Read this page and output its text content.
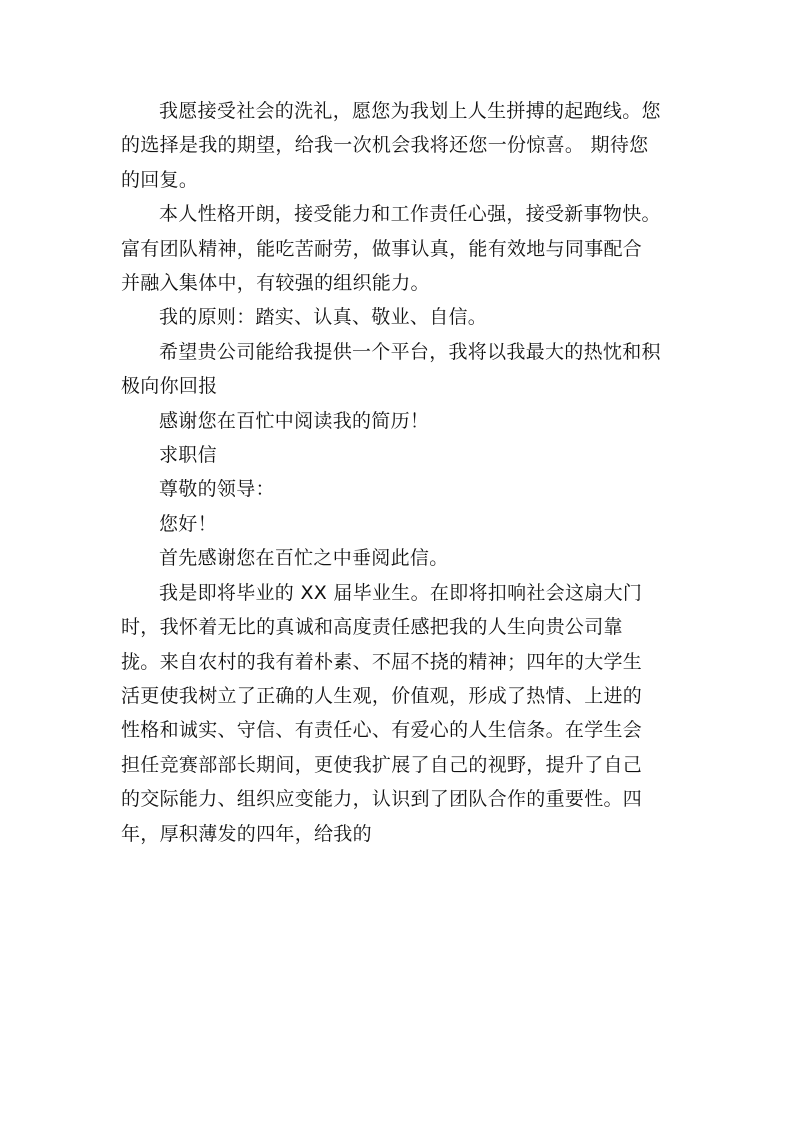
我愿接受社会的洗礼，愿您为我划上人生拼搏的起跑线。您的选择是我的期望，给我一次机会我将还您一份惊喜。 期待您的回复。

本人性格开朗，接受能力和工作责任心强，接受新事物快。富有团队精神，能吃苦耐劳，做事认真，能有效地与同事配合并融入集体中，有较强的组织能力。

我的原则：踏实、认真、敬业、自信。

希望贵公司能给我提供一个平台，我将以我最大的热忱和积极向你回报

感谢您在百忙中阅读我的简历！

求职信

尊敬的领导：

您好！

首先感谢您在百忙之中垂阅此信。

我是即将毕业的 XX 届毕业生。在即将扣响社会这扇大门时，我怀着无比的真诚和高度责任感把我的人生向贵公司靠拢。来自农村的我有着朴素、不屈不挠的精神；四年的大学生活更使我树立了正确的人生观，价值观，形成了热情、上进的性格和诚实、守信、有责任心、有爱心的人生信条。在学生会担任竞赛部部长期间，更使我扩展了自己的视野，提升了自己的交际能力、组织应变能力，认识到了团队合作的重要性。四年，厚积薄发的四年，给我的
